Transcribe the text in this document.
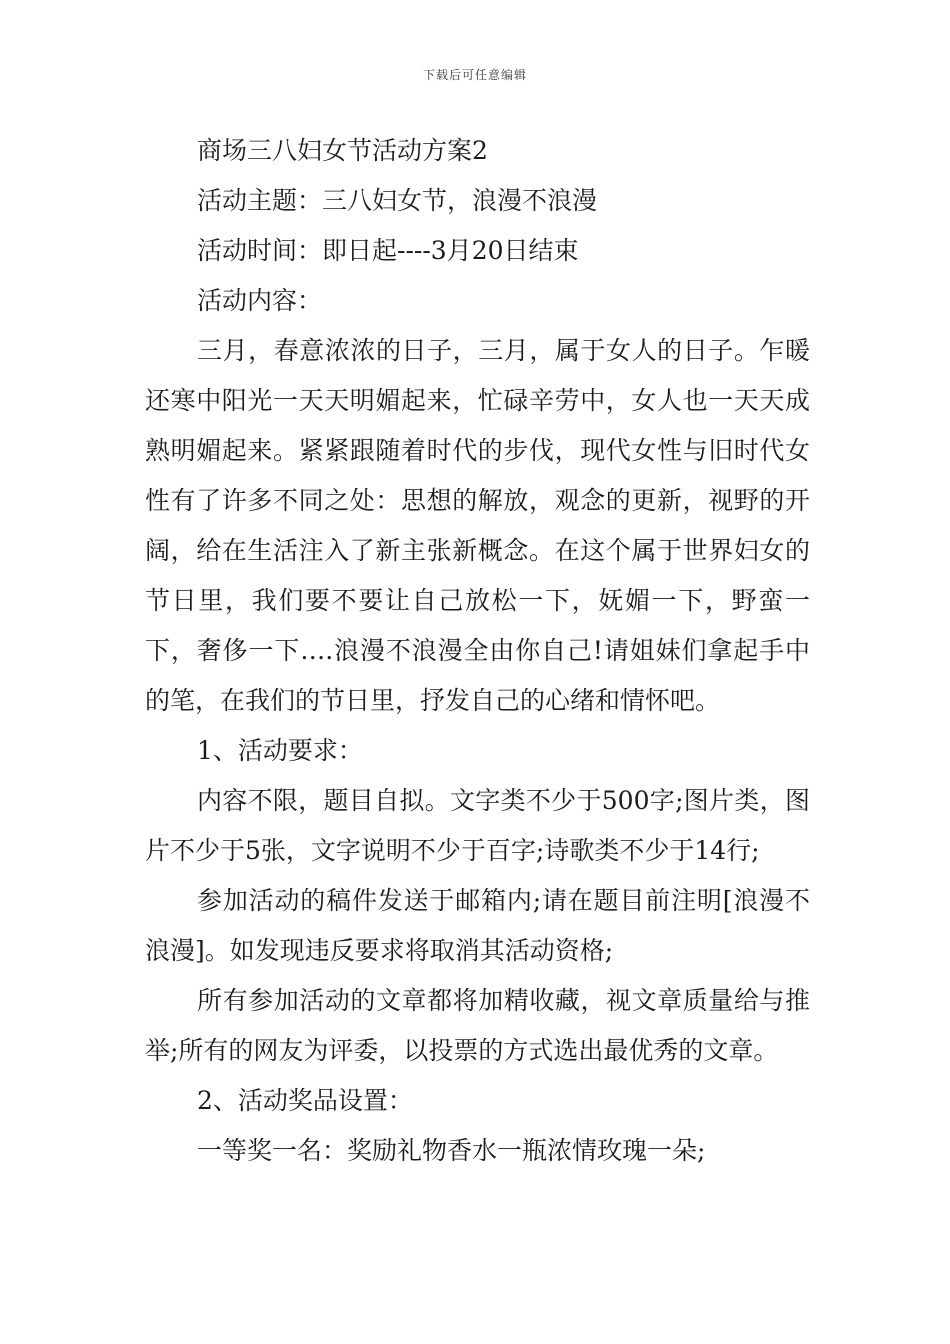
下载后可任意编辑

商场三八妇女节活动方案2

活动主题：三八妇女节，浪漫不浪漫

活动时间：即日起----3月20日结束

活动内容：

三月，春意浓浓的日子，三月，属于女人的日子。乍暖还寒中阳光一天天明媚起来，忙碌辛劳中，女人也一天天成熟明媚起来。紧紧跟随着时代的步伐，现代女性与旧时代女性有了许多不同之处：思想的解放，观念的更新，视野的开阔，给在生活注入了新主张新概念。在这个属于世界妇女的节日里，我们要不要让自己放松一下，妩媚一下，野蛮一下，奢侈一下….浪漫不浪漫全由你自己!请姐妹们拿起手中的笔，在我们的节日里，抒发自己的心绪和情怀吧。

1、活动要求：

内容不限，题目自拟。文字类不少于500字;图片类，图片不少于5张，文字说明不少于百字;诗歌类不少于14行;

参加活动的稿件发送于邮箱内;请在题目前注明[浪漫不浪漫]。如发现违反要求将取消其活动资格;

所有参加活动的文章都将加精收藏，视文章质量给与推举;所有的网友为评委，以投票的方式选出最优秀的文章。

2、活动奖品设置：

一等奖一名：奖励礼物香水一瓶浓情玫瑰一朵;
